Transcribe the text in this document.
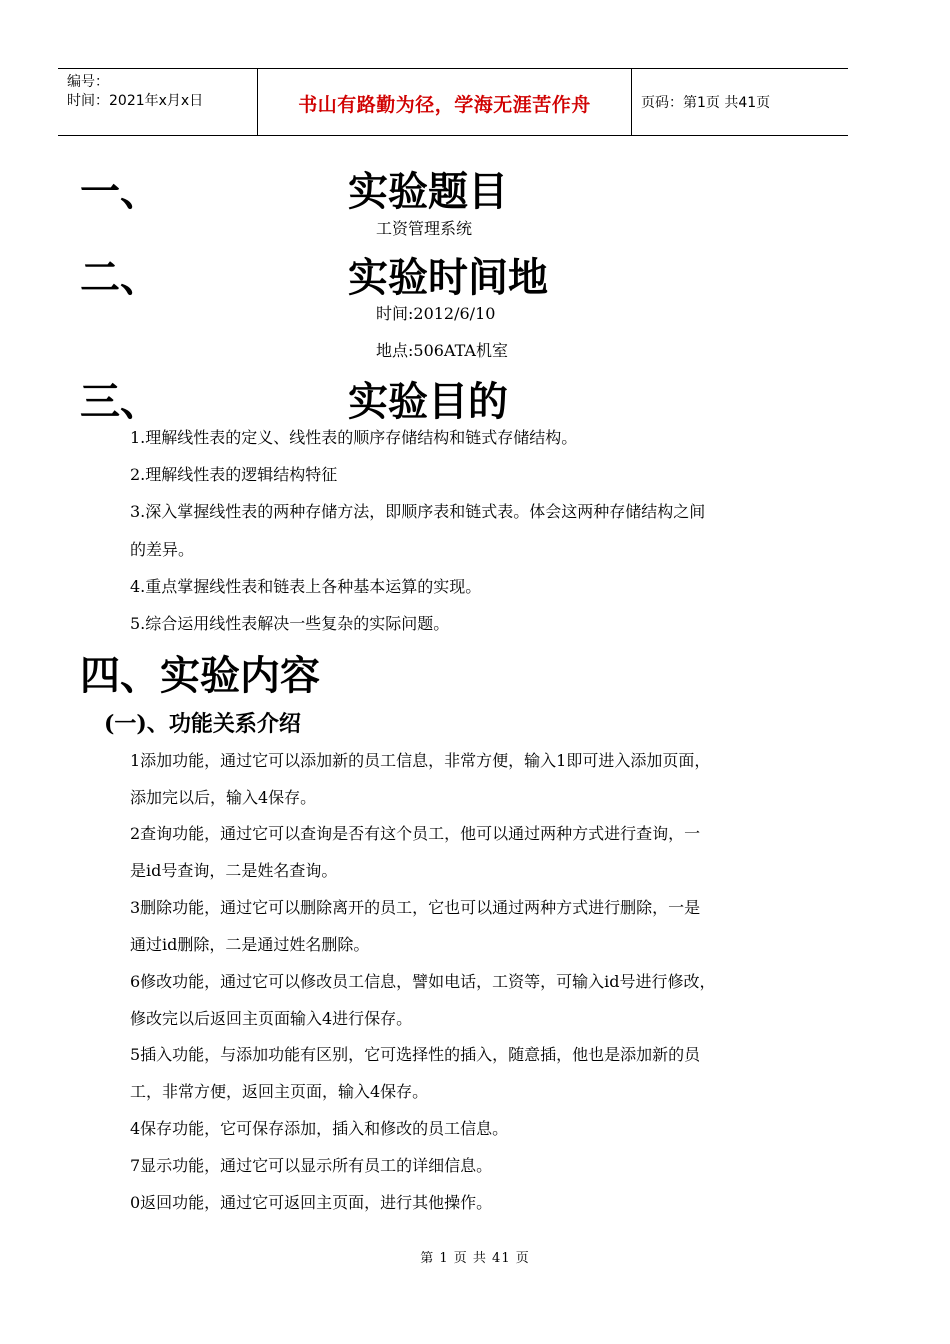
编号：
时间：2021年x月x日	书山有路勤为径，学海无涯苦作舟	页码：第1页 共41页
一、	实验题目
工资管理系统
二、	实验时间地
时间:2012/6/10
地点:506ATA机室
三、	实验目的
1.理解线性表的定义、线性表的顺序存储结构和链式存储结构。
2.理解线性表的逻辑结构特征
3.深入掌握线性表的两种存储方法，即顺序表和链式表。体会这两种存储结构之间
的差异。
4.重点掌握线性表和链表上各种基本运算的实现。
5.综合运用线性表解决一些复杂的实际问题。
四、实验内容
(一)、功能关系介绍
1添加功能，通过它可以添加新的员工信息，非常方便，输入1即可进入添加页面，
添加完以后，输入4保存。
2查询功能，通过它可以查询是否有这个员工，他可以通过两种方式进行查询，一
是id号查询，二是姓名查询。
3删除功能，通过它可以删除离开的员工，它也可以通过两种方式进行删除，一是
通过id删除，二是通过姓名删除。
6修改功能，通过它可以修改员工信息，譬如电话，工资等，可输入id号进行修改，
修改完以后返回主页面输入4进行保存。
5插入功能，与添加功能有区别，它可选择性的插入，随意插，他也是添加新的员
工，非常方便，返回主页面，输入4保存。
4保存功能，它可保存添加，插入和修改的员工信息。
7显示功能，通过它可以显示所有员工的详细信息。
0返回功能，通过它可返回主页面，进行其他操作。
第 1 页 共 41 页
